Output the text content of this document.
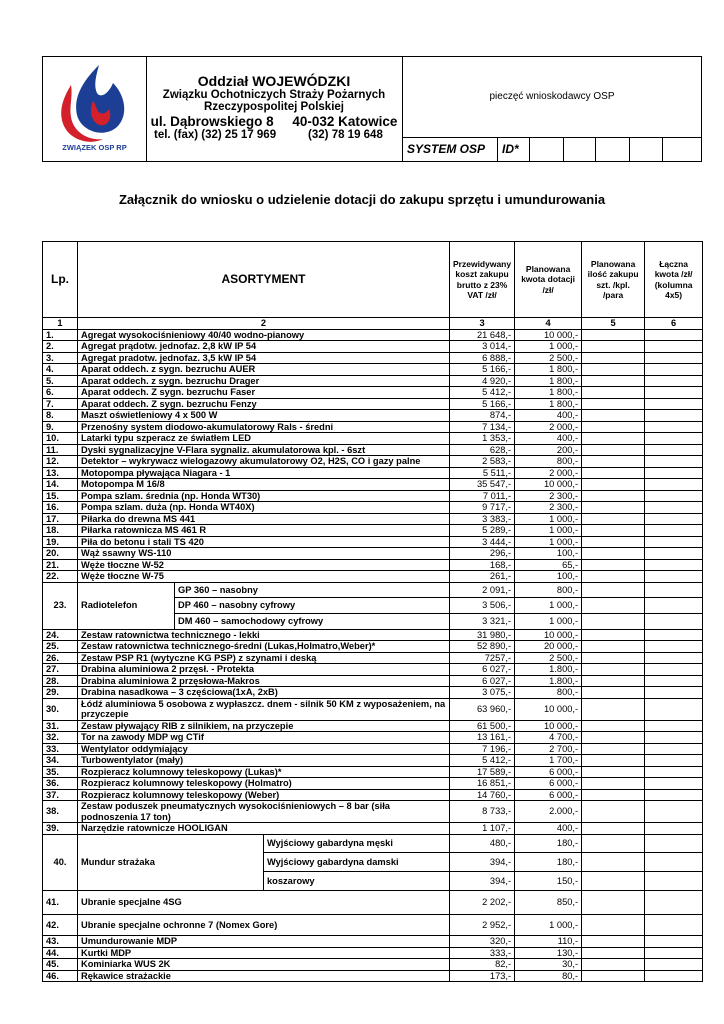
ZWIĄZEK OSP RP
Oddział WOJEWÓDZKI
Związku Ochotniczych Straży Pożarnych
Rzeczypospolitej Polskiej
ul. Dąbrowskiego 8     40-032 Katowice
tel. (fax) (32) 25 17 969          (32) 78 19 648
pieczęć wnioskodawcy OSP
SYSTEM OSP	ID*
Załącznik do wniosku o udzielenie dotacji do zakupu sprzętu i umundurowania
Lp.	ASORTYMENT			Przewidywany koszt zakupu brutto z 23% VAT /zł/	Planowana kwota dotacji /zł/	Planowana ilość zakupu szt. /kpl. /para	Łączna kwota /zł/ (kolumna 4x5)
1	2			3	4	5	6
1.	Agregat wysokociśnieniowy 40/40 wodno-pianowy			21 648,-	10 000,-		
2.	Agregat prądotw. jednofaz. 2,8 kW IP 54			3 014,-	1 000,-		
3.	Agregat pradotw. jednofaz. 3,5 kW IP 54			6 888,-	2 500,-		
4.	Aparat oddech. z sygn. bezruchu AUER			5 166,-	1 800,-		
5.	Aparat oddech. z sygn. bezruchu Drager			4 920,-	1 800,-		
6.	Aparat oddech. Z sygn. bezruchu Faser			5 412,-	1 800,-		
7.	Aparat oddech. Z sygn. bezruchu Fenzy			5 166,-	1 800,-		
8.	Maszt oświetleniowy 4 x 500 W			874,-	400,-		
9.	Przenośny system diodowo-akumulatorowy Rals - średni			7 134,-	2 000,-		
10.	Latarki typu szperacz ze światłem LED			1 353,-	400,-		
11.	Dyski sygnalizacyjne V-Flara sygnaliz. akumulatorowa kpl. - 6szt			628,-	200,-		
12.	Detektor – wykrywacz wielogazowy akumulatorowy O2, H2S, CO i gazy palne			2 583,-	800,-		
13.	Motopompa pływająca Niagara - 1			5 511,-	2 000,-		
14.	Motopompa M 16/8			35 547,-	10 000,-		
15.	Pompa szlam. średnia (np. Honda WT30)			7 011,-	2 300,-		
16.	Pompa szlam. duża (np. Honda WT40X)			9 717,-	2 300,-		
17.	Piłarka do drewna MS 441			3 383,-	1 000,-		
18.	Piłarka ratownicza MS 461 R			5 289,-	1 000,-		
19.	Piła do betonu i stali TS 420			3 444,-	1 000,-		
20.	Wąż ssawny WS-110			296,-	100,-		
21.	Węże tłoczne W-52			168,-	65,-		
22.	Węże tłoczne W-75			261,-	100,-		
23.	Radiotelefon	GP 360 – nasobny		2 091,-	800,-		
		DP 460 – nasobny cyfrowy		3 506,-	1 000,-		
		DM 460 – samochodowy cyfrowy		3 321,-	1 000,-		
24.	Zestaw ratownictwa technicznego - lekki			31 980,-	10 000,-		
25.	Zestaw ratownictwa technicznego-średni (Lukas,Holmatro,Weber)*			52 890,-	20 000,-		
26.	Zestaw PSP R1 (wytyczne KG PSP) z szynami i deską			7257,-	2 500,-		
27.	Drabina aluminiowa 2 przęsł. - Protekta			6 027,-	1.800,-		
28.	Drabina aluminiowa 2 przęsłowa-Makros			6 027,-	1.800,-		
29.	Drabina nasadkowa – 3 częściowa(1xA, 2xB)			3 075,-	800,-		
30.	Łódź aluminiowa 5 osobowa z wypłaszcz. dnem - silnik 50 KM z wyposażeniem, na przyczepie			63 960,-	10 000,-		
31.	Zestaw pływający RIB z silnikiem, na przyczepie			61 500,-	10 000,-		
32.	Tor na zawody MDP wg CTif			13 161,-	4 700,-		
33.	Wentylator oddymiający			7 196,-	2 700,-		
34.	Turbowentylator (mały)			5 412,-	1 700,-		
35.	Rozpieracz kolumnowy teleskopowy (Lukas)*			17 589,-	6 000,-		
36.	Rozpieracz kolumnowy teleskopowy (Holmatro)			16 851,-	6 000,-		
37.	Rozpieracz kolumnowy teleskopowy (Weber)			14 760,-	6 000,-		
38.	Zestaw poduszek pneumatycznych wysokociśnieniowych – 8 bar (siła podnoszenia 17 ton)			8 733,-	2.000,-		
39.	Narzędzie ratownicze HOOLIGAN			1 107,-	400,-		
40.	Mundur strażaka		Wyjściowy gabardyna męski	480,-	180,-		
			Wyjściowy gabardyna damski	394,-	180,-		
			koszarowy	394,-	150,-		
41.	Ubranie specjalne 4SG			2 202,-	850,-		
42.	Ubranie specjalne ochronne 7 (Nomex Gore)			2 952,-	1 000,-		
43.	Umundurowanie MDP			320,-	110,-		
44.	Kurtki MDP			333,-	130,-		
45.	Kominiarka WUS 2K			82,-	30,-		
46.	Rękawice strażackie			173,-	80,-		
